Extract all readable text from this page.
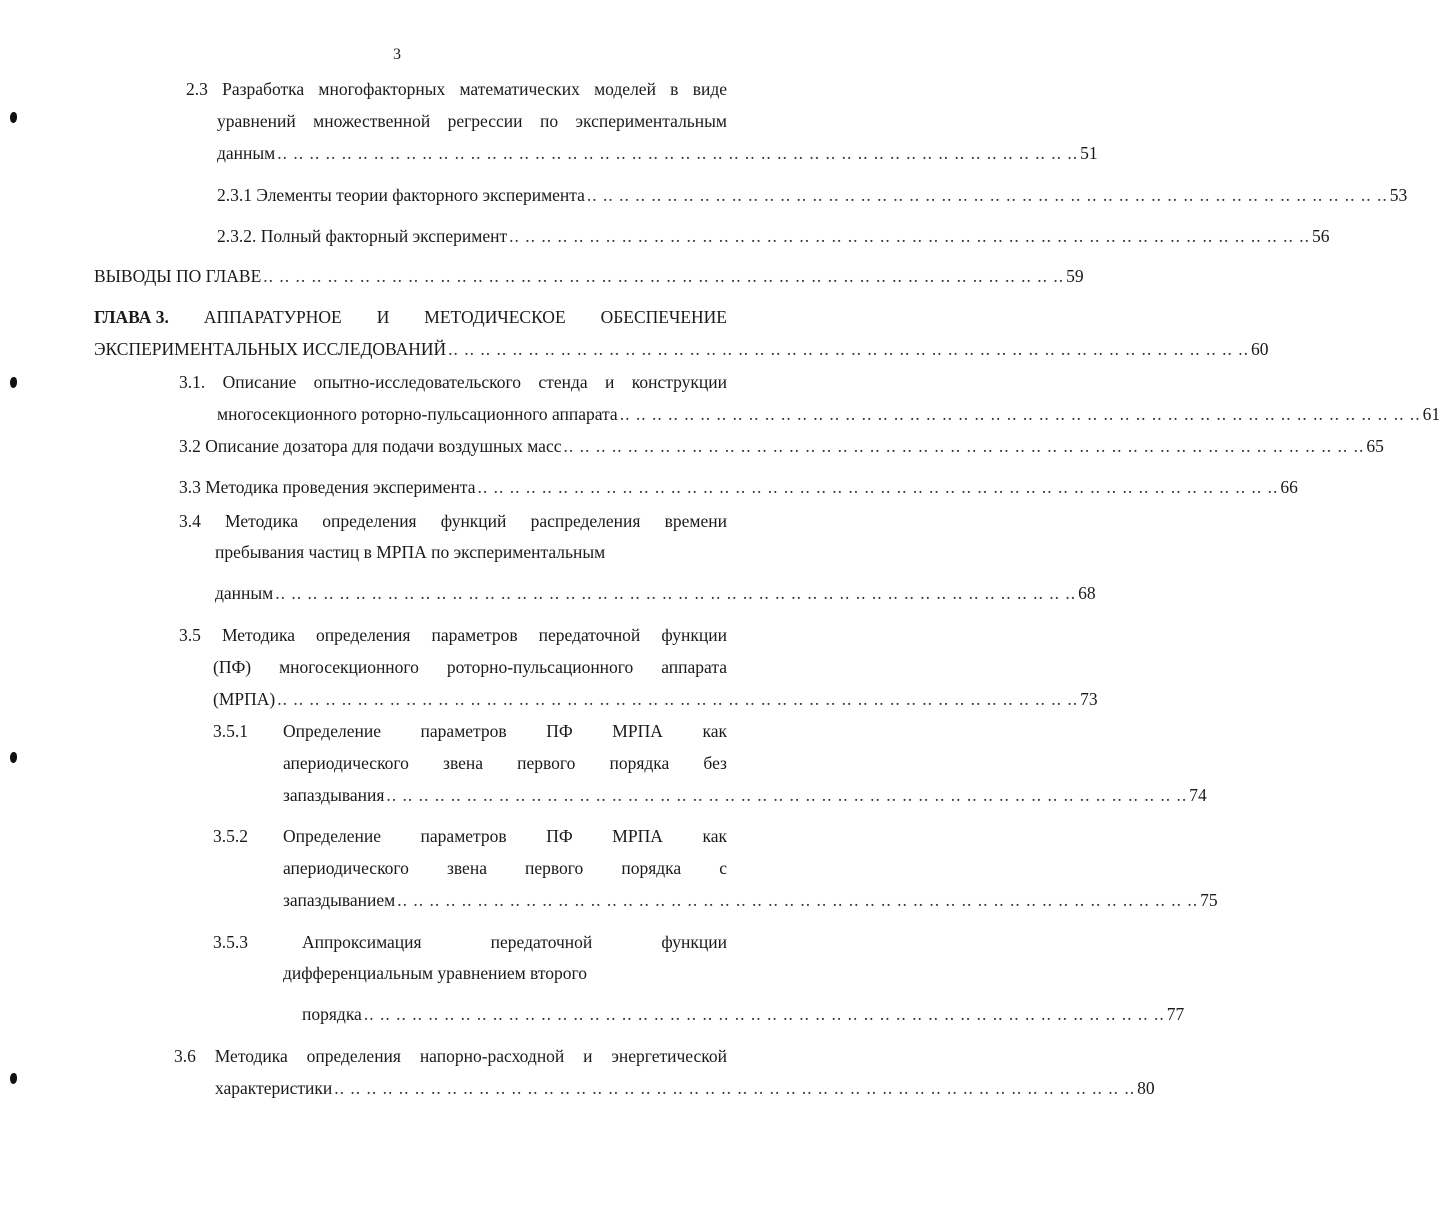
3
2.3 Разработка многофакторных математических моделей в виде
уравнений множественной регрессии по экспериментальным
данным .. .. .. .. .. .. .. .. .. .. .. .. .. .. .. .. .. .. .. .. .. .. .. .. .. .. .. .. .. .. .. .. .. .. .. .. .. .. .. .. .. .. .. .. .. .. .. .. .. .. 51
2.3.1 Элементы теории факторного эксперимента .. .. .. .. .. .. .. .. .. .. .. .. .. .. .. .. .. .. .. .. .. .. .. .. .. .. .. .. .. .. .. .. .. .. .. .. .. .. .. .. .. .. .. .. .. .. .. .. .. .. 53
2.3.2. Полный факторный эксперимент .. .. .. .. .. .. .. .. .. .. .. .. .. .. .. .. .. .. .. .. .. .. .. .. .. .. .. .. .. .. .. .. .. .. .. .. .. .. .. .. .. .. .. .. .. .. .. .. .. .. 56
ВЫВОДЫ ПО ГЛАВЕ .. .. .. .. .. .. .. .. .. .. .. .. .. .. .. .. .. .. .. .. .. .. .. .. .. .. .. .. .. .. .. .. .. .. .. .. .. .. .. .. .. .. .. .. .. .. .. .. .. .. 59
ГЛАВА 3. АППАРАТУРНОЕ И МЕТОДИЧЕСКОЕ ОБЕСПЕЧЕНИЕ
ЭКСПЕРИМЕНТАЛЬНЫХ ИССЛЕДОВАНИЙ .. .. .. .. .. .. .. .. .. .. .. .. .. .. .. .. .. .. .. .. .. .. .. .. .. .. .. .. .. .. .. .. .. .. .. .. .. .. .. .. .. .. .. .. .. .. .. .. .. .. 60
3.1. Описание опытно-исследовательского стенда и конструкции
многосекционного роторно-пульсационного аппарата .. .. .. .. .. .. .. .. .. .. .. .. .. .. .. .. .. .. .. .. .. .. .. .. .. .. .. .. .. .. .. .. .. .. .. .. .. .. .. .. .. .. .. .. .. .. .. .. .. .. 61
3.2 Описание дозатора для подачи воздушных масс .. .. .. .. .. .. .. .. .. .. .. .. .. .. .. .. .. .. .. .. .. .. .. .. .. .. .. .. .. .. .. .. .. .. .. .. .. .. .. .. .. .. .. .. .. .. .. .. .. .. 65
3.3 Методика проведения эксперимента .. .. .. .. .. .. .. .. .. .. .. .. .. .. .. .. .. .. .. .. .. .. .. .. .. .. .. .. .. .. .. .. .. .. .. .. .. .. .. .. .. .. .. .. .. .. .. .. .. .. 66
3.4 Методика определения функций распределения времени
пребывания частиц в МРПА по экспериментальным
данным .. .. .. .. .. .. .. .. .. .. .. .. .. .. .. .. .. .. .. .. .. .. .. .. .. .. .. .. .. .. .. .. .. .. .. .. .. .. .. .. .. .. .. .. .. .. .. .. .. .. 68
3.5 Методика определения параметров передаточной функции
(ПФ) многосекционного роторно-пульсационного аппарата
(МРПА) .. .. .. .. .. .. .. .. .. .. .. .. .. .. .. .. .. .. .. .. .. .. .. .. .. .. .. .. .. .. .. .. .. .. .. .. .. .. .. .. .. .. .. .. .. .. .. .. .. .. 73
3.5.1 Определение параметров ПФ МРПА как
апериодического звена первого порядка без
запаздывания .. .. .. .. .. .. .. .. .. .. .. .. .. .. .. .. .. .. .. .. .. .. .. .. .. .. .. .. .. .. .. .. .. .. .. .. .. .. .. .. .. .. .. .. .. .. .. .. .. .. 74
3.5.2 Определение параметров ПФ МРПА как
апериодического звена первого порядка с
запаздыванием .. .. .. .. .. .. .. .. .. .. .. .. .. .. .. .. .. .. .. .. .. .. .. .. .. .. .. .. .. .. .. .. .. .. .. .. .. .. .. .. .. .. .. .. .. .. .. .. .. .. 75
3.5.3	Аппроксимация	передаточной	функции
дифференциальным уравнением второго
порядка .. .. .. .. .. .. .. .. .. .. .. .. .. .. .. .. .. .. .. .. .. .. .. .. .. .. .. .. .. .. .. .. .. .. .. .. .. .. .. .. .. .. .. .. .. .. .. .. .. .. 77
3.6 Методика определения напорно-расходной и энергетической
характеристики .. .. .. .. .. .. .. .. .. .. .. .. .. .. .. .. .. .. .. .. .. .. .. .. .. .. .. .. .. .. .. .. .. .. .. .. .. .. .. .. .. .. .. .. .. .. .. .. .. .. 80
